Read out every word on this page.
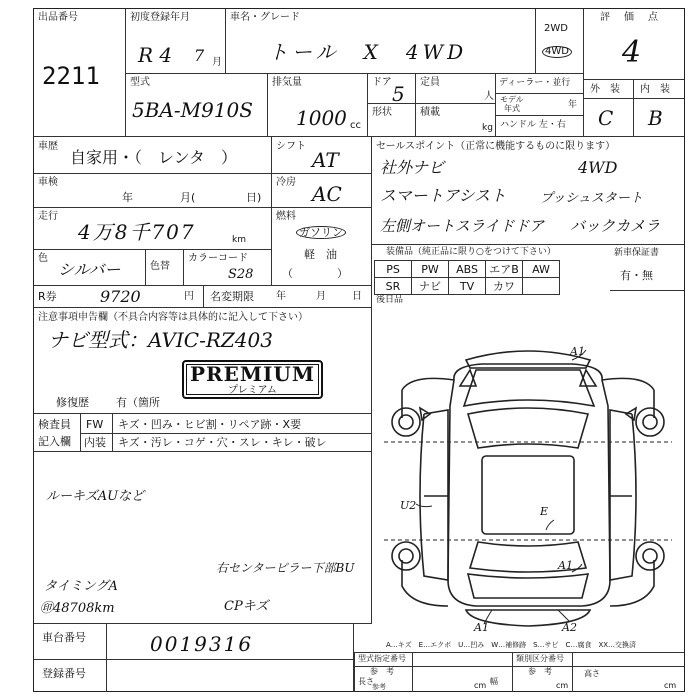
出品番号
2211
初度登録年月
R 4 7 月
車名・グレード
トール　X　4WD
2WD
4WD
評　価　点
4
型式
5BA-M910S
排気量
1000 cc
ドア 5 定員
人
形状	積載
kg
ディーラー・並行
モデル
年式	年
ハンドル 左・右
外　装 内　装
C B
車歴
自家用・（　レンタ　）
シフト
AT
車検
年	月(	日)
冷房 AC
走行
4万8千707	km
燃料
ガソリン
軽　油
（　　　　）
色
シルバー	色替
カラーコード
S28
セールスポイント（正常に機能するものに限ります）
社外ナビ	4WD
スマートアシスト	プッシュスタート
左側オートスライドドア バックカメラ
装備品（純正品に限り○をつけて下さい）
PS	PW	ABS	エアB	AW
SR	ナビ	TV	カワ	
新車保証書
有・無
R券	9720	円 名変期限 年	月	日 後日品
注意事項申告欄（不具合内容等は具体的に記入して下さい）
ナビ型式：AVIC-RZ403
PREMIUM
プレミアム
修復歴 有（箇所
検査員
記入欄
FW キズ・凹み・ヒビ割・リペア跡・X要
内装 キズ・汚レ・コゲ・穴・スレ・キレ・破レ
ルーキズAUなど
右センターピラー下部BU
タイミングA
㊞48708km	CPキズ
車台番号	0019316
登録番号
型式指定番号
参　考
類別区分番号
参　考
長さ	cm 幅	cm
高さ
cm
参考
A1
U2	E
A1
A1	A2
A…キズ　E…エクボ　U…凹み　W…補修跡　S…サビ　C…腐食　XX…交換済
